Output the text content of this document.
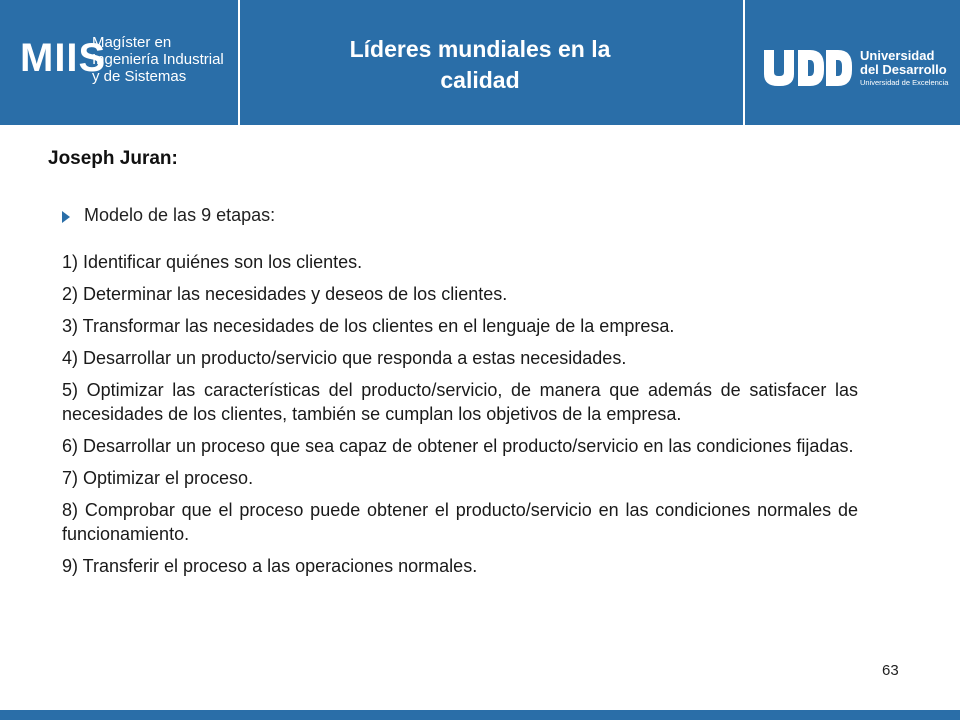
MIIS
Magíster en
Ingeniería Industrial
y de Sistemas
Líderes mundiales en la
calidad
Universidad
del Desarrollo
Universidad de Excelencia
Joseph Juran:
Modelo de las 9 etapas:

1) Identificar quiénes son los clientes.

2) Determinar las necesidades y deseos de los clientes.

3) Transformar las necesidades de los clientes en el lenguaje de la empresa.

4) Desarrollar un producto/servicio que responda a estas necesidades.

5) Optimizar las características del producto/servicio, de manera que además de satisfacer las necesidades de los clientes, también se cumplan los objetivos de la empresa.

6) Desarrollar un proceso que sea capaz de obtener el producto/servicio en las condiciones fijadas.

7) Optimizar el proceso.

8) Comprobar que el proceso puede obtener el producto/servicio en las condiciones normales de funcionamiento.

9) Transferir el proceso a las operaciones normales.

63
